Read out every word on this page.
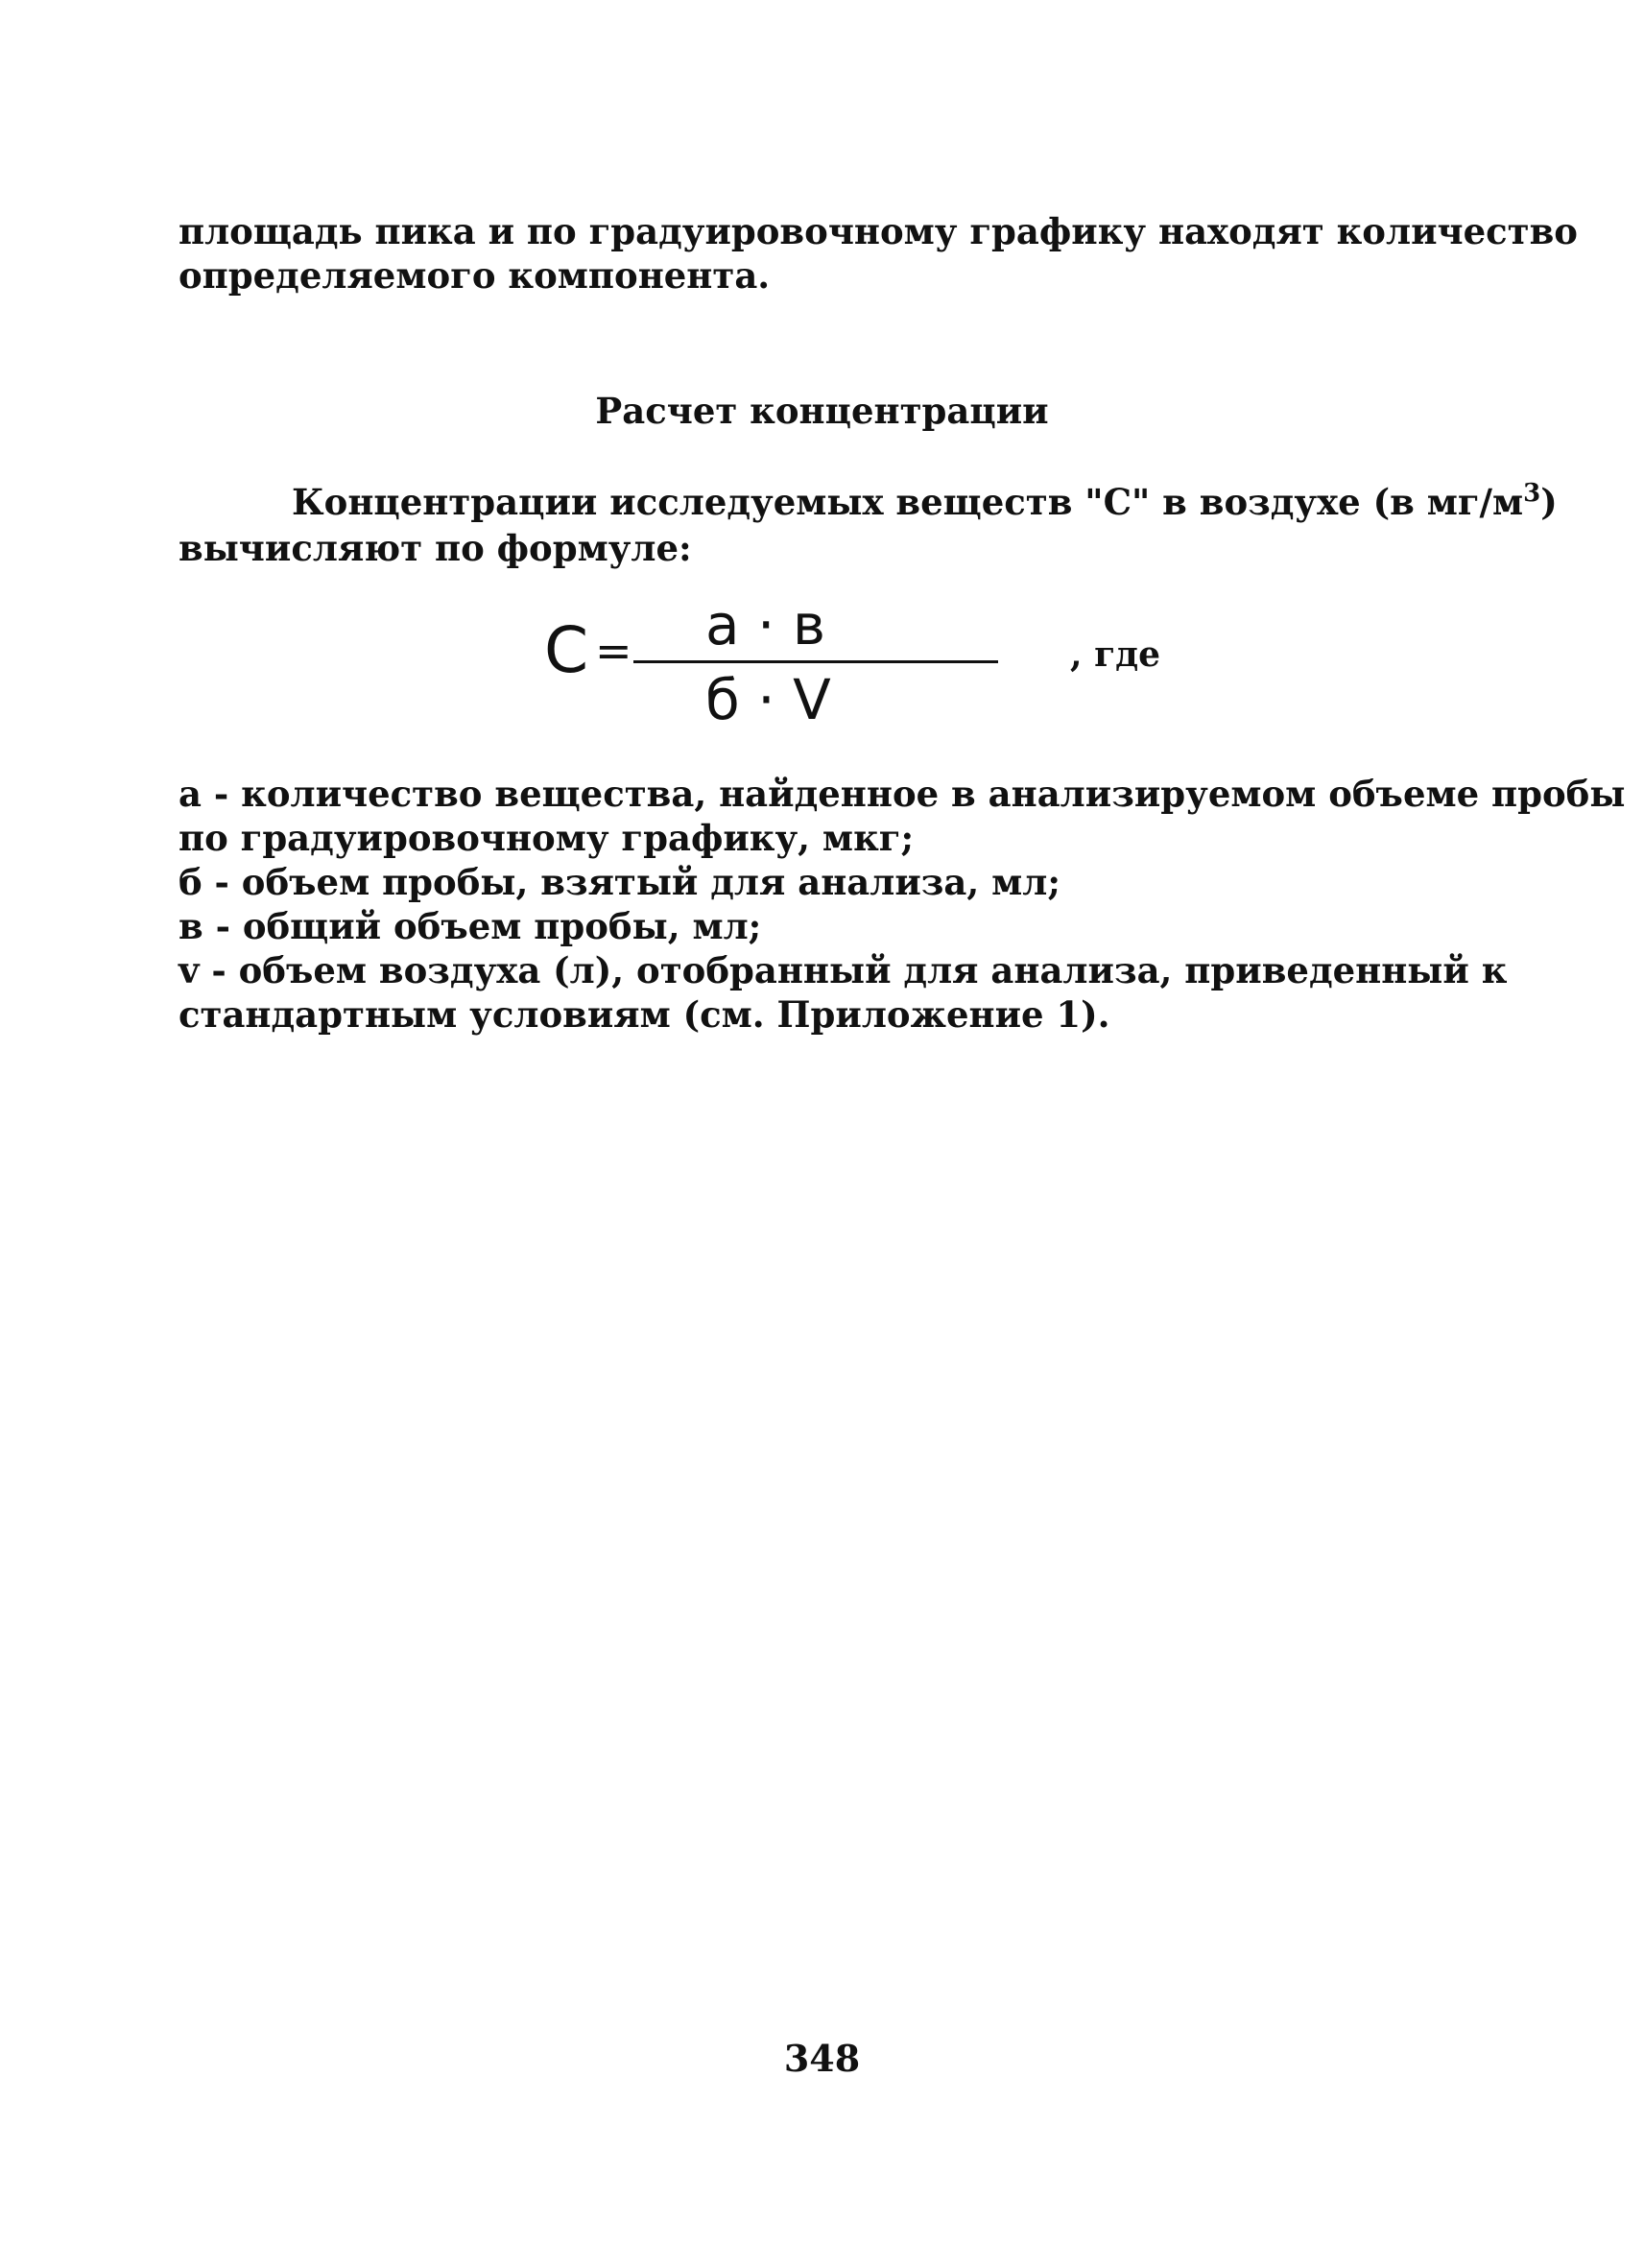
площадь пика и по градуировочному графику находят количество
определяемого компонента.
Расчет концентрации
Концентрации исследуемых веществ "С" в воздухе (в $мг/м^3$)
вычисляют по формуле:
C = a · в
б · V
, где
а - количество вещества, найденное в анализируемом объеме пробы
по градуировочному графику, мкг;
б - объем пробы, взятый для анализа, мл;
в - общий объем пробы, мл;
v - объем воздуха (л), отобранный для анализа, приведенный к
стандартным условиям (см. Приложение 1).
348
